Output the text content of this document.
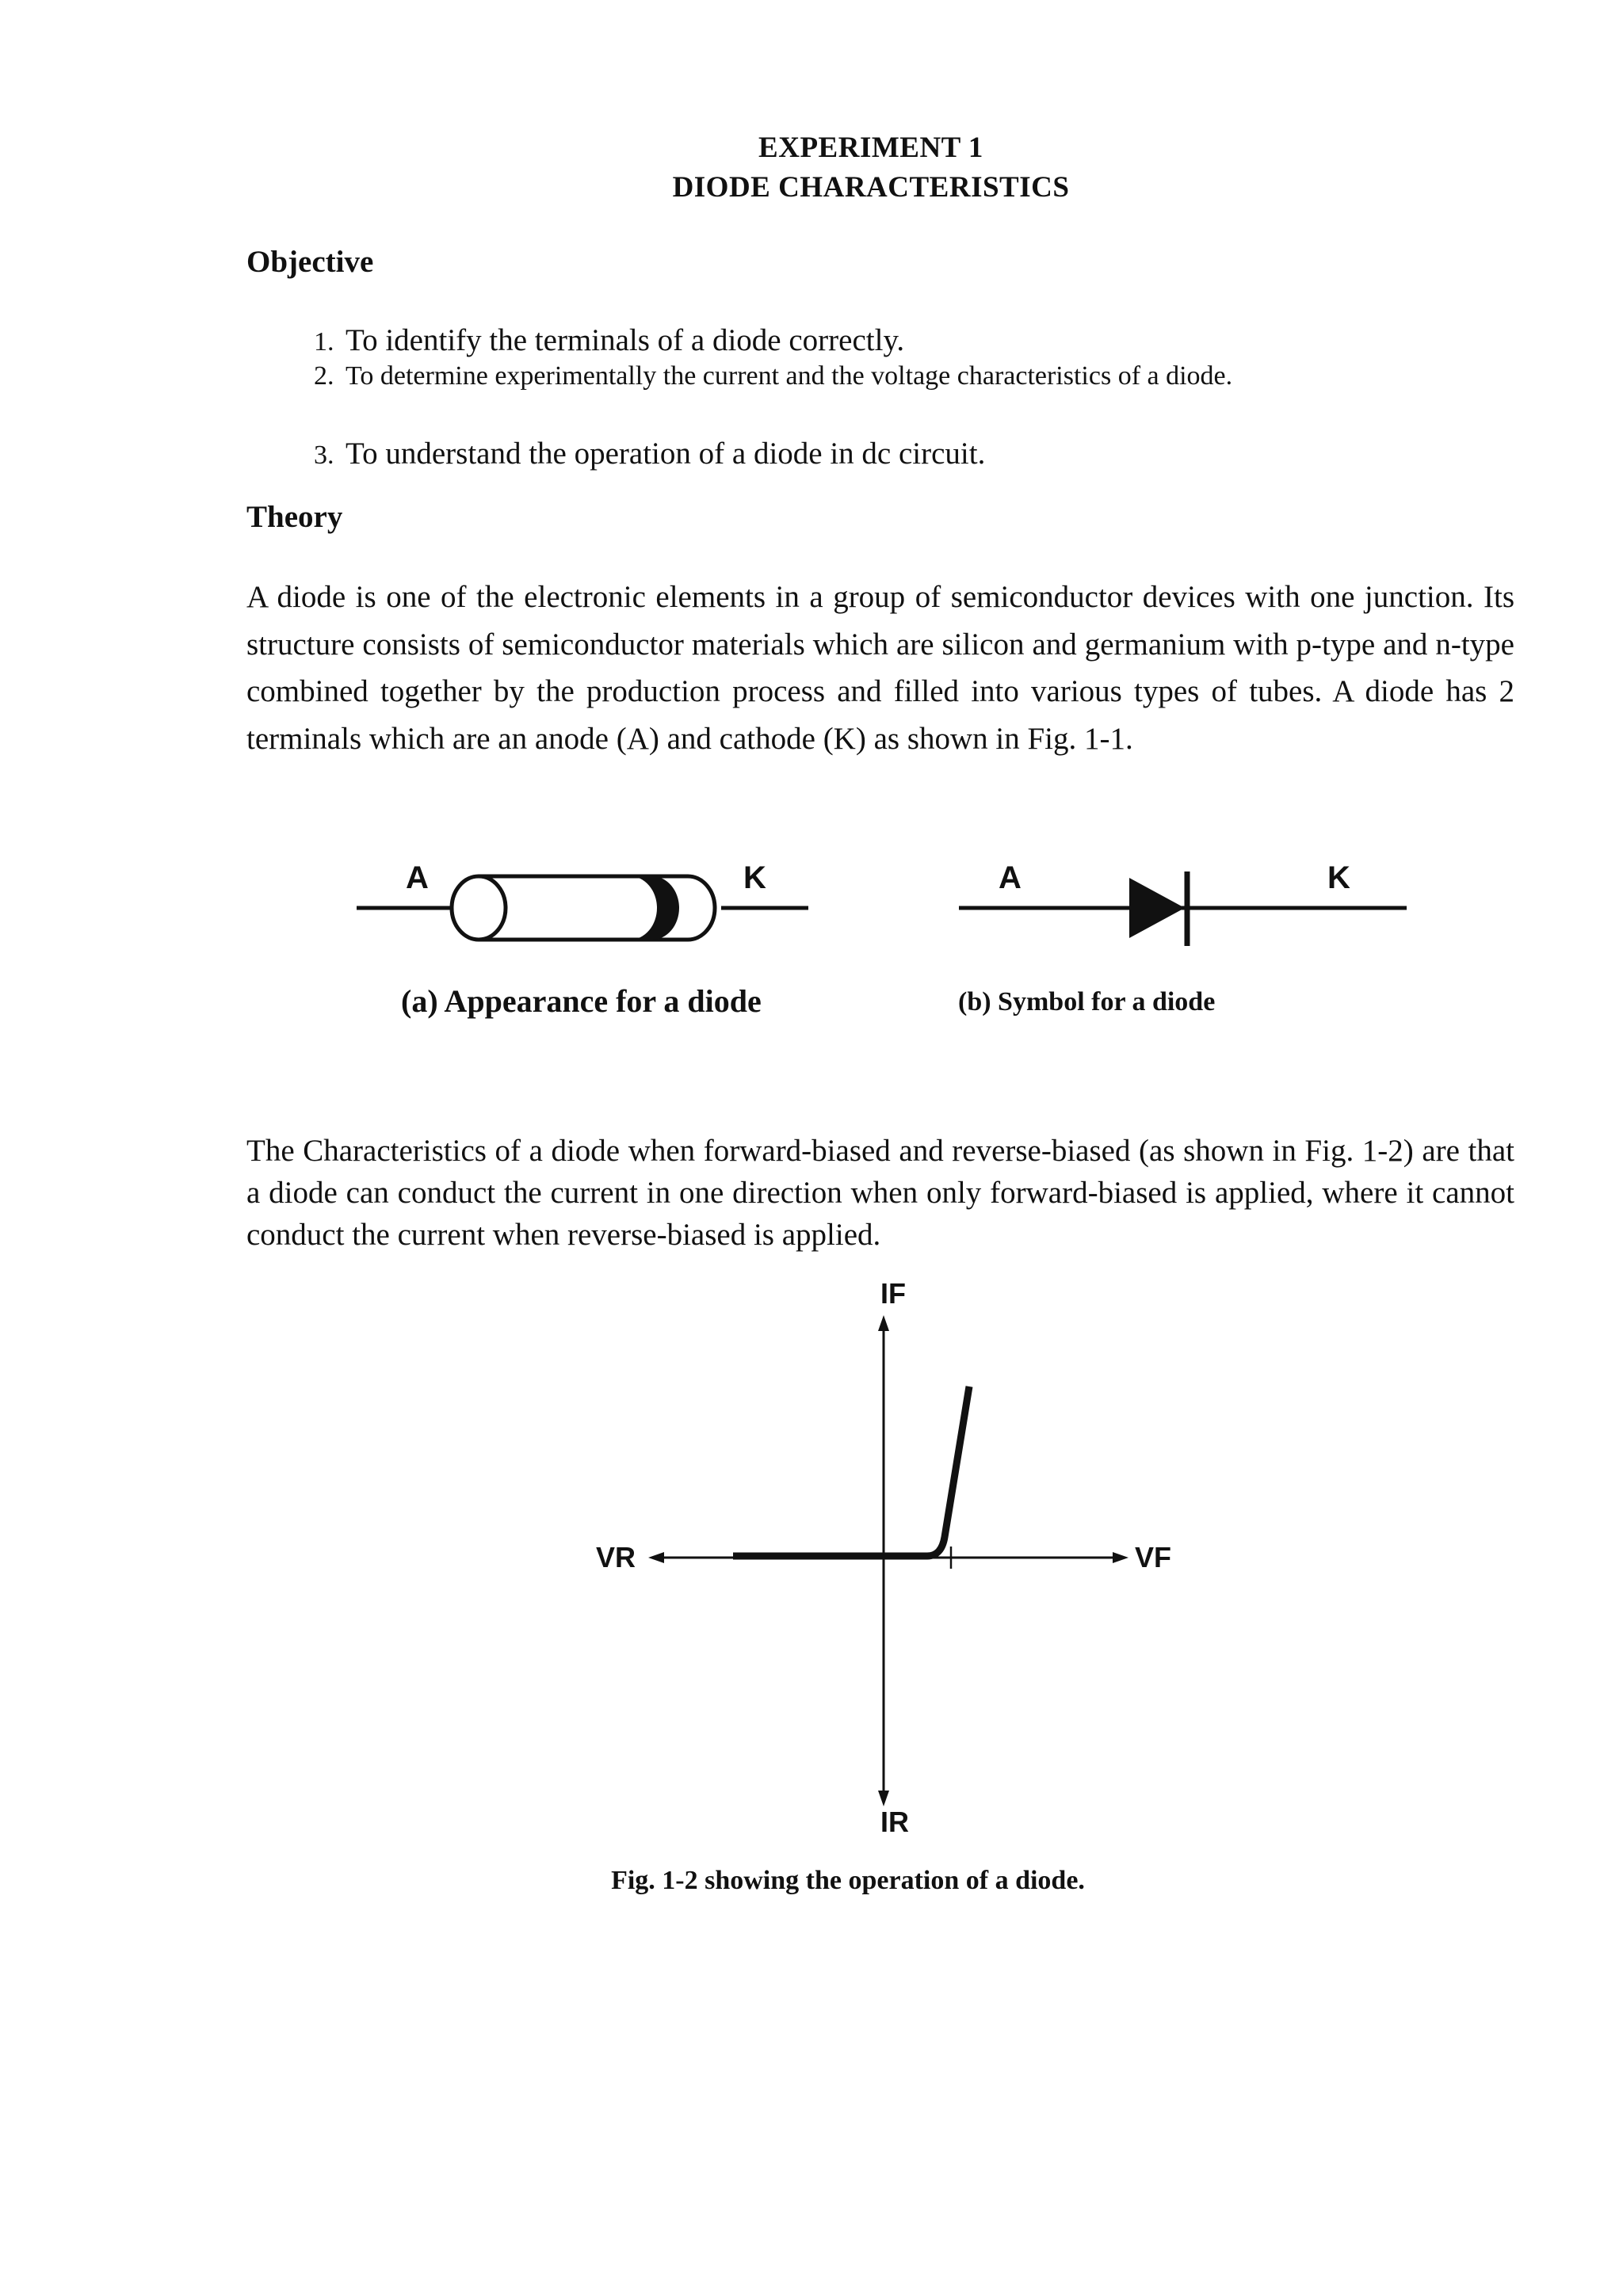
EXPERIMENT 1
DIODE CHARACTERISTICS
Objective
1. To identify the terminals of a diode correctly.
2. To determine experimentally the current and the voltage characteristics of a diode.
3. To understand the operation of a diode in dc circuit.
Theory
A diode is one of the electronic elements in a group of semiconductor devices with one junction. Its structure consists of semiconductor materials which are silicon and germanium with p-type and n-type combined together by the production process and filled into various types of tubes. A diode has 2 terminals which are an anode (A) and cathode (K) as shown in Fig. 1-1.
A	K	A	K
(a) Appearance for a diode	(b) Symbol for a diode
The Characteristics of a diode when forward-biased and reverse-biased (as shown in Fig. 1-2) are that a diode can conduct the current in one direction when only forward-biased is applied, where it cannot conduct the current when reverse-biased is applied.
IF
IR
VR	VF
Fig. 1-2 showing the operation of a diode.
